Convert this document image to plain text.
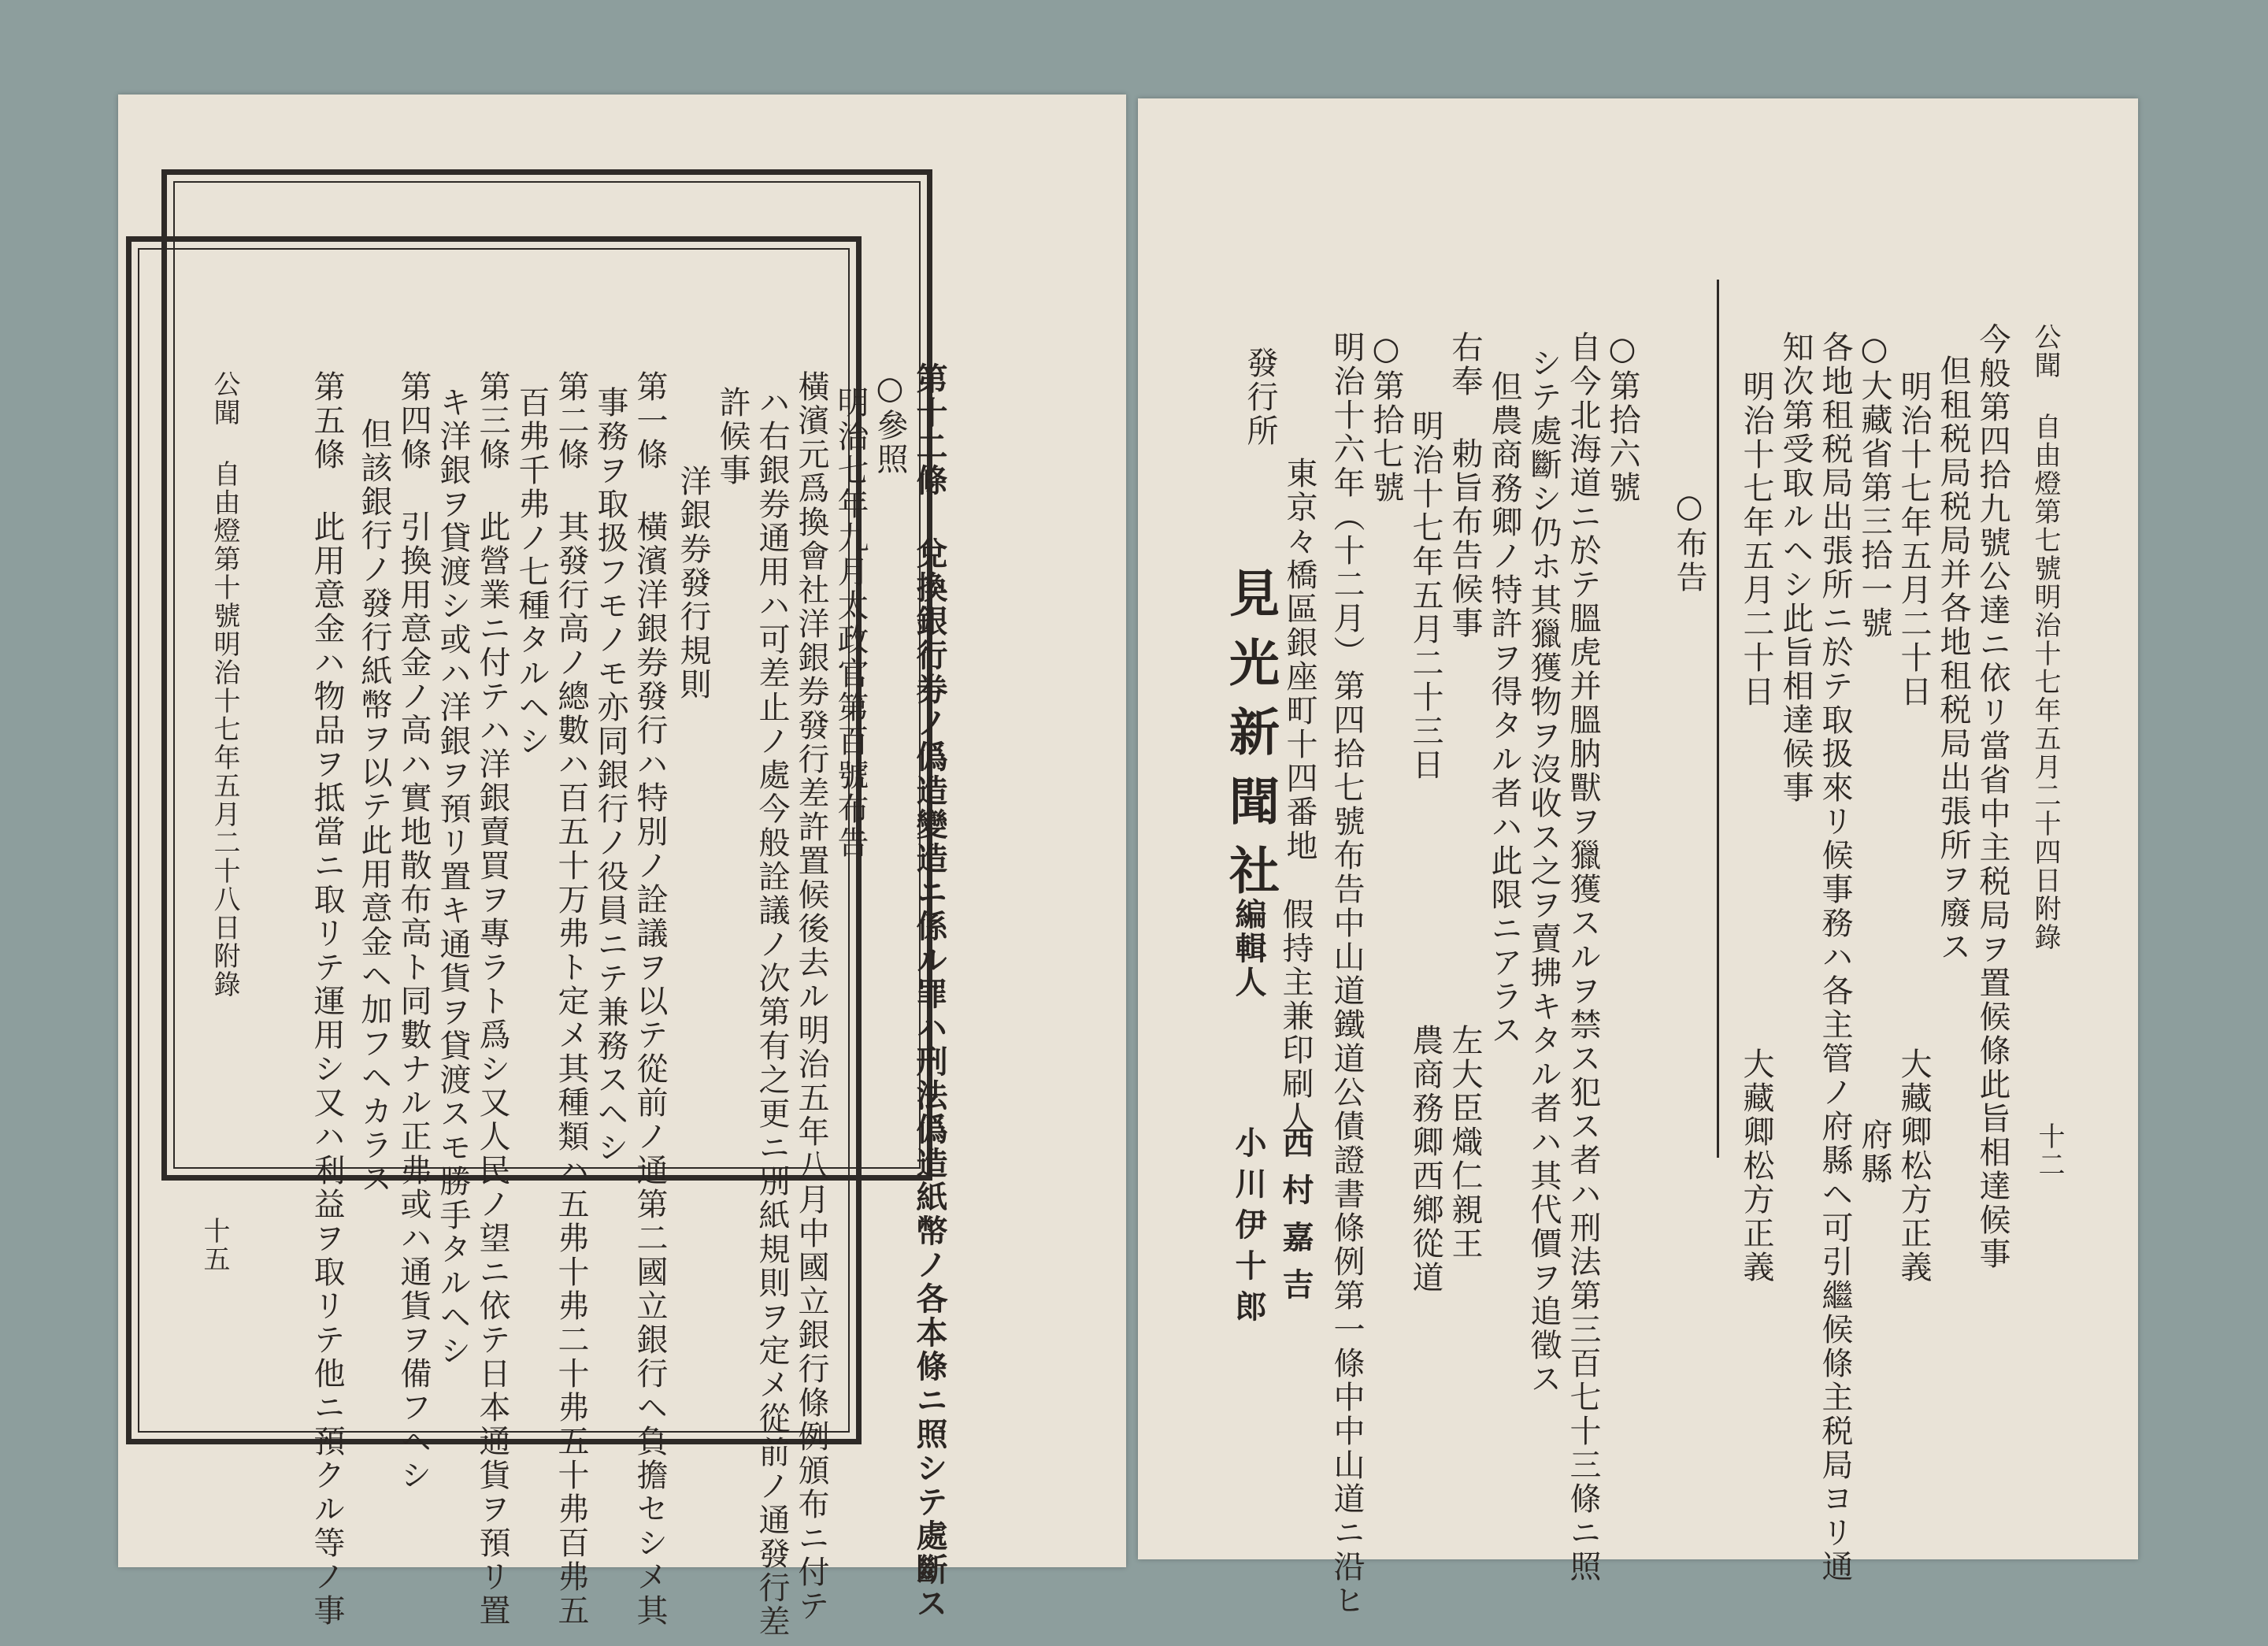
公聞 自由燈第十號明治十七年五月二十八日附錄
十五	第十二條 兌換銀行券ノ僞造變造ニ係ル罪ハ刑法僞造紙幣ノ各本條ニ照シテ處斷ス
○參照
明治七年九月太政官第百號布告
橫濱元爲換會社洋銀券發行差許置候後去ル明治五年八月中國立銀行條例頒布ニ付テ
ハ右銀券通用ハ可差止ノ處今般詮議ノ次第有之更ニ別紙規則ヲ定メ從前ノ通發行差
許候事
洋銀券發行規則
第一條 橫濱洋銀券發行ハ特別ノ詮議ヲ以テ從前ノ通第二國立銀行ヘ負擔セシメ其
事務ヲ取扱フモノモ亦同銀行ノ役員ニテ兼務スヘシ
第二條 其發行高ノ總數ハ百五十万弗ト定メ其種類ハ五弗十弗二十弗五十弗百弗五
百弗千弗ノ七種タルヘシ
第三條 此營業ニ付テハ洋銀賣買ヲ專ラト爲シ又人民ノ望ニ依テ日本通貨ヲ預リ置
キ洋銀ヲ貸渡シ或ハ洋銀ヲ預リ置キ通貨ヲ貸渡スモ勝手タルヘシ
第四條 引換用意金ノ高ハ實地散布高ト同數ナル正弗或ハ通貨ヲ備フヘシ
但該銀行ノ發行紙幣ヲ以テ此用意金ヘ加フヘカラス
第五條 此用意金ハ物品ヲ抵當ニ取リテ運用シ又ハ利益ヲ取リテ他ニ預クル等ノ事	公聞 自由燈第七號明治十七年五月二十四日附錄
十二
今般第四拾九號公達ニ依リ當省中主税局ヲ置候條此旨相達候事
但租税局税局并各地租税局出張所ヲ廢ス
明治十七年五月二十日
大藏卿松方正義
○大藏省第三拾一號
府縣
各地租税局出張所ニ於テ取扱來リ候事務ハ各主管ノ府縣ヘ可引繼候條主税局ヨリ通
知次第受取ルヘシ此旨相達候事
明治十七年五月二十日
大藏卿松方正義
○布告
○第拾六號
自今北海道ニ於テ膃虎并膃肭獸ヲ獵獲スルヲ禁ス犯ス者ハ刑法第三百七十三條ニ照
シテ處斷シ仍ホ其獵獲物ヲ沒收ス之ヲ賣拂キタル者ハ其代價ヲ追徵ス
但農商務卿ノ特許ヲ得タル者ハ此限ニアラス
右奉 勅旨布告候事
明治十七年五月二十三日
左大臣熾仁親王
農商務卿西鄉從道
○第拾七號
明治十六年（十二月）第四拾七號布告中山道鐵道公債證書條例第一條中中山道ニ沿ヒ
發行所
東京々橋區銀座町十四番地
見光新聞社
假持主兼印刷人
編輯人
西村嘉吉
小川伊十郎
